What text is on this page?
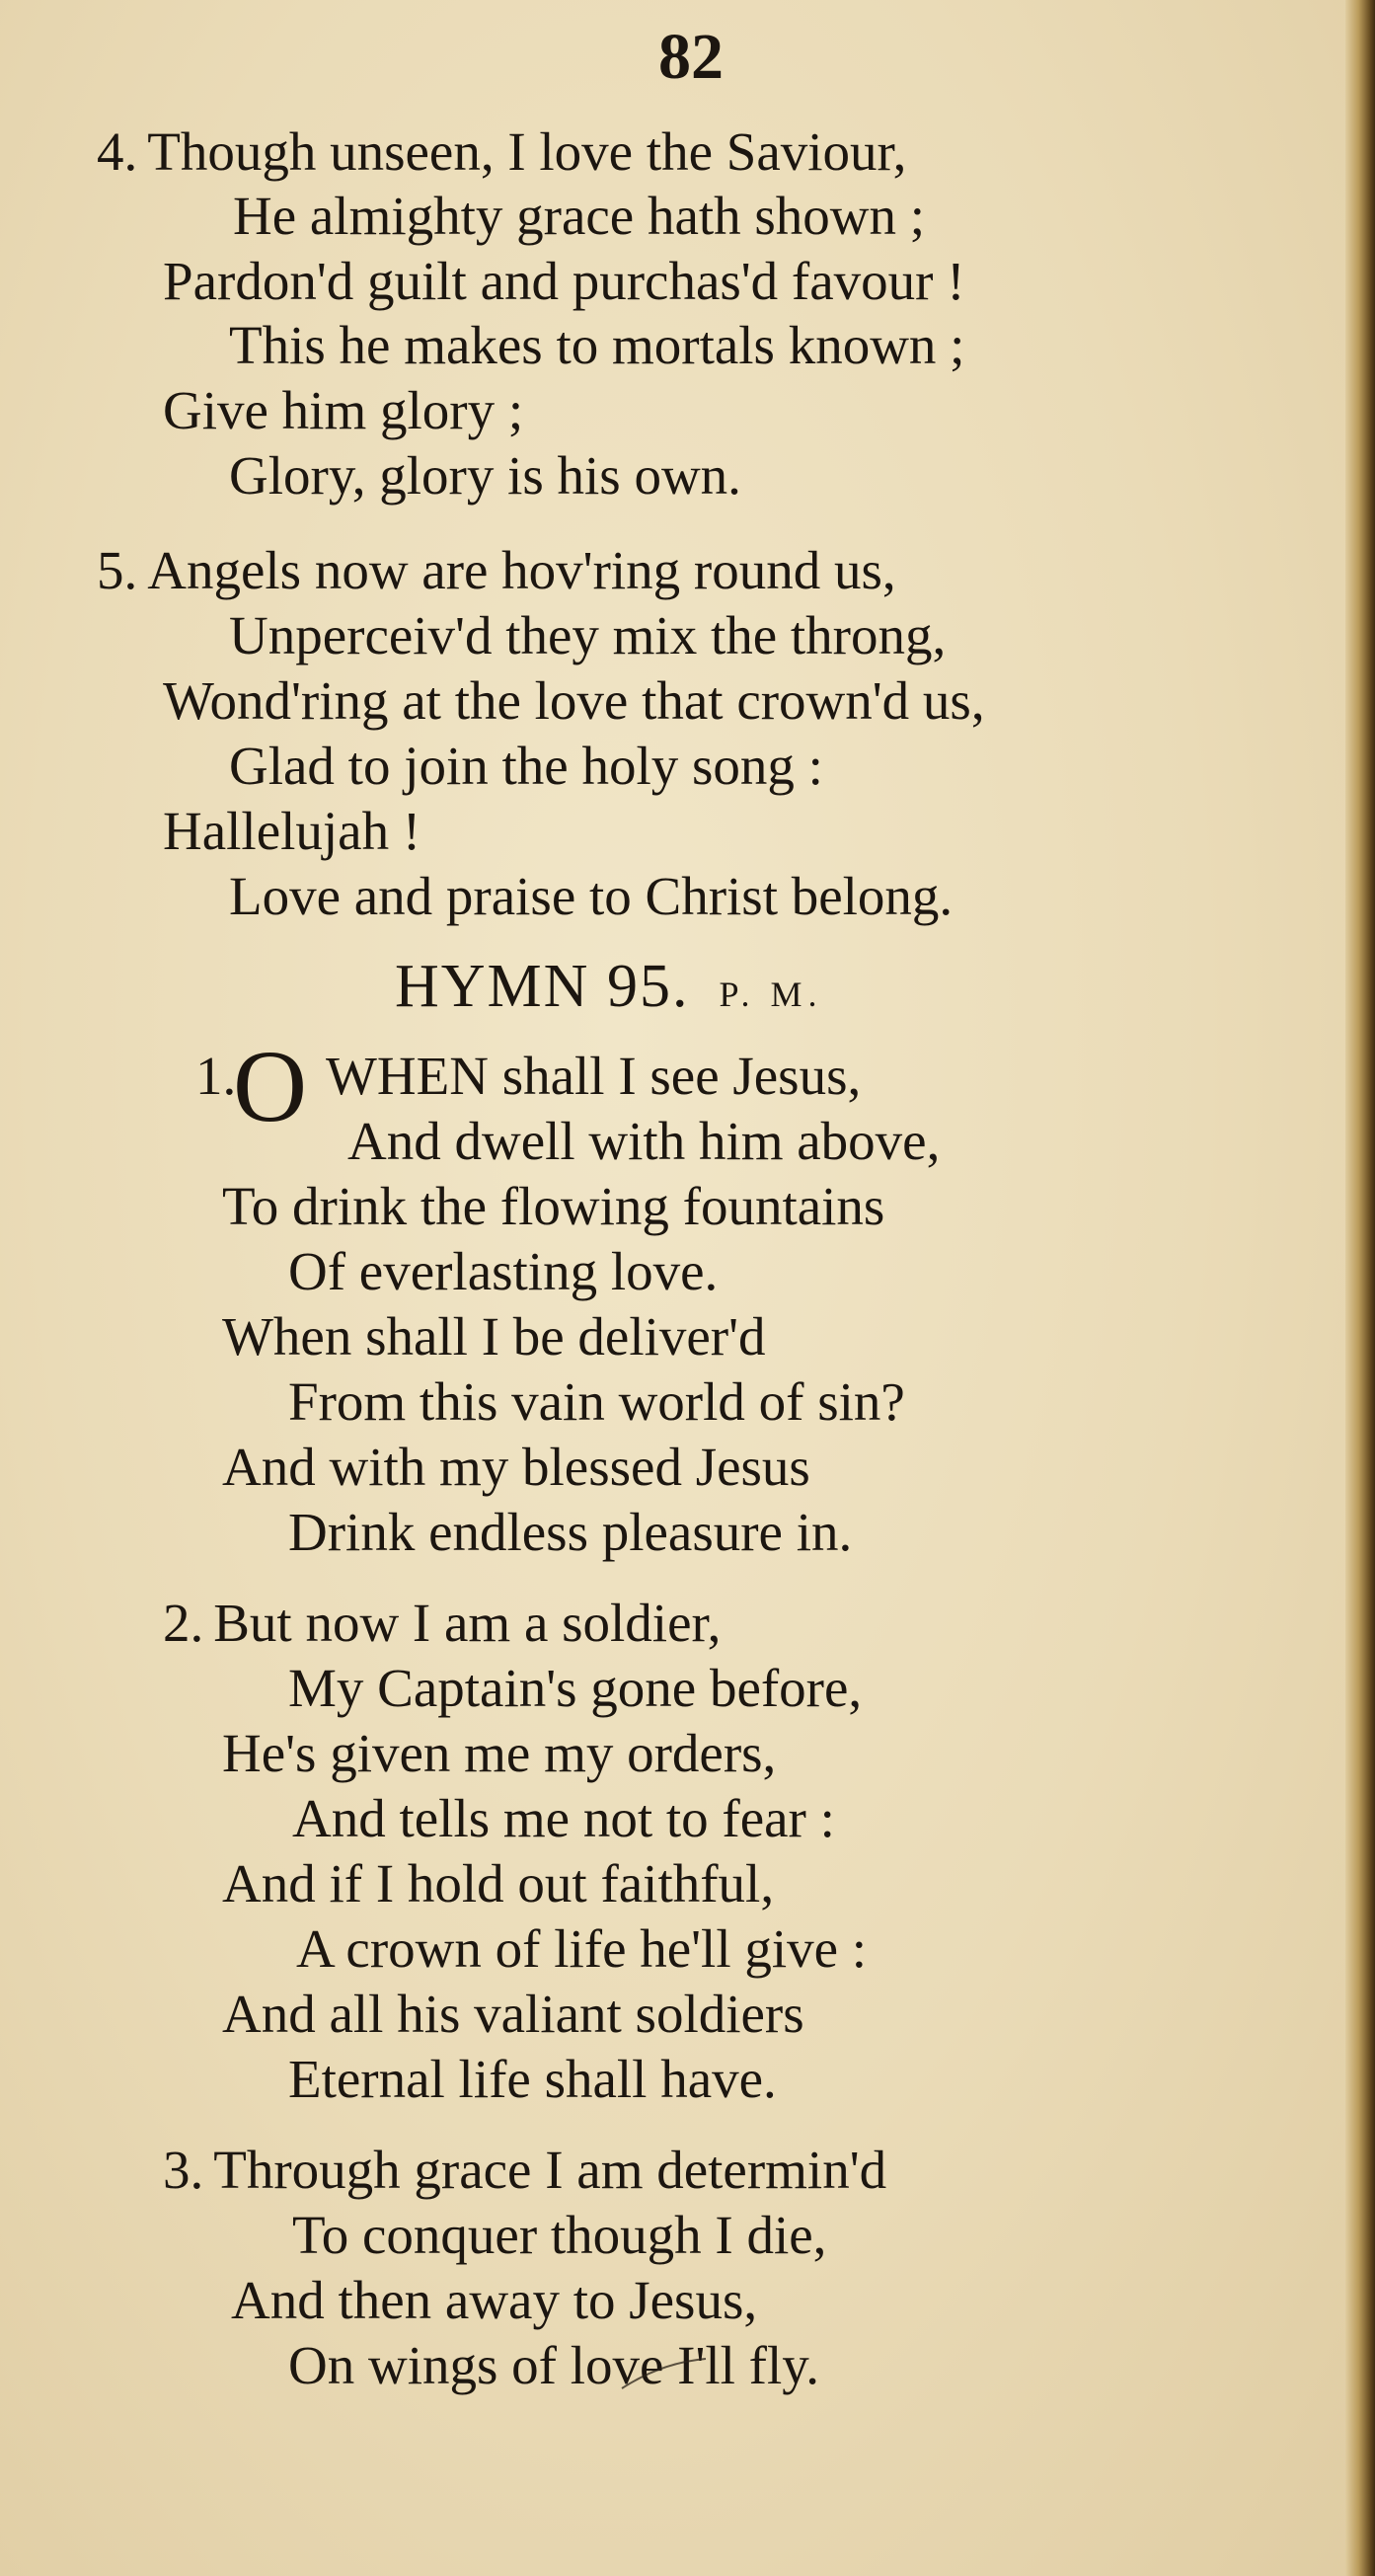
82
4. Though unseen, I love the Saviour,
He almighty grace hath shown ;
Pardon'd guilt and purchas'd favour !
This he makes to mortals known ;
Give him glory ;
Glory, glory is his own.
5. Angels now are hov'ring round us,
Unperceiv'd they mix the throng,
Wond'ring at the love that crown'd us,
Glad to join the holy song :
Hallelujah !
Love and praise to Christ belong.
HYMN 95. P. M.
1.
O WHEN shall I see Jesus,
And dwell with him above,
To drink the flowing fountains
Of everlasting love.
When shall I be deliver'd
From this vain world of sin?
And with my blessed Jesus
Drink endless pleasure in.
2. But now I am a soldier,
My Captain's gone before,
He's given me my orders,
And tells me not to fear :
And if I hold out faithful,
A crown of life he'll give :
And all his valiant soldiers
Eternal life shall have.
3. Through grace I am determin'd
To conquer though I die,
And then away to Jesus,
On wings of love I'll fly.
